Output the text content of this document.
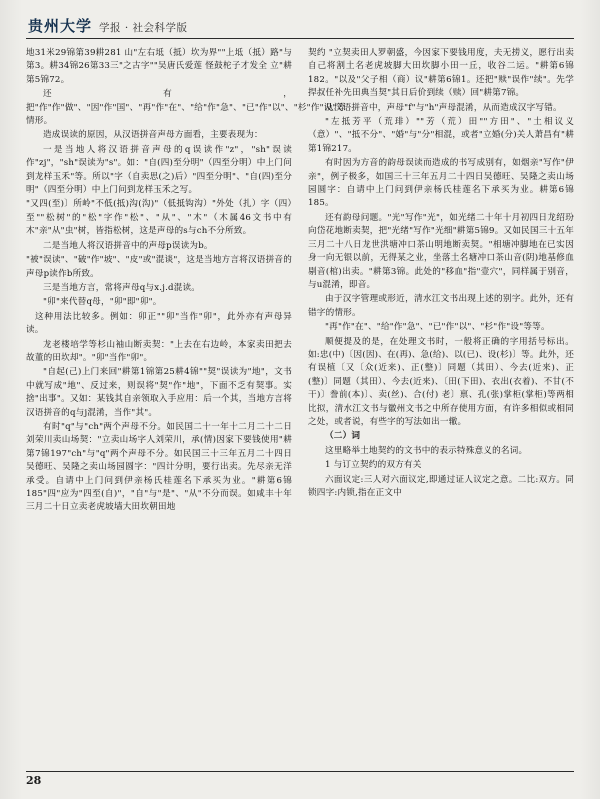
贵州大学 学报 · 社会科学版

地31米29锦第39耕281 山"左右坻（抵）坎为界""上坻（抵）路"与第3。耕34锦26第33三"之古字""吴唐氏爱莲 怪鼓柁子才发全 立"耕第5锦72。

还有，把"作"作"做"、"因"作"国"、"再"作"在"、"给"作"急"、"已"作"以"、"杉"作"设"等情形。

造成误读的原因，从汉语拼音声母方面看，主要表现为：

一是当地人将汉语拼音声母的q误读作"z"，"sh"误读作"zj"，"sh"误读为"s"。如："自(四)至分明"（四至分明）中上门问到龙样玉禾"等。所以"字（自卖思(之)后）"四至分明"、"自(四)至分明"（四至分明）中上门问到龙样玉禾之写。

"又四(至)〕所岭"不低(抵)沟(沟)"（低抵钩沟）"外处（扎）字（四）至""松树"的"松"字作"松"、"从"、"木"（木属46文书中有木"亲"从"虫"树，皆指松树，这是声母的s与ch不分所致。

二是当地人将汉语拼音中的声母p误读为b。

"被"误读"、"破"作"坡"、"皮"或"混谈"，这是当地方言将汉语拼音的声母p读作b所致。

三是当地方言，常将声母q与x.j.d混读。

"卯"来代替q母，"卯"即"卯"。

这种用法比较多。例如：卯正""卯"当作"卯"，此外亦有声母异读。

龙老楼培学等杉山袖山断卖契："上去在右边岭，本家卖田把去故董的田坎却"。"卯"当作"卯"。

"自起(己)上门来回"耕第1锦第25耕4锦""契"误读为"地"，文书中就写成"地"、反过来，则误将"契"作"地"，下面不乏有契事。实捨"出事"。又如：某钱其自亲领取入手应用：后一个其，当地方言将汉语拼音的q与j混淆，当作"其"。

有时"q"与"ch"两个声母不分。如民国二十一年十二月二十二日刘荣川卖山场契："立卖山场字人刘荣川，承(情)因家下要钱使用"耕第7锦197"ch"与"q"两个声母不分。如民国三十三年五月二十四日吴德旺、吴隆之卖山场园圆字："四计分明，要行出卖。先尽亲无洋承受。自请中上门问到伊亲杨氏桂莲名下承买为业。"耕第6锦185"四"应为"四至(自)"，"自"与"是"、"从"不分而误。如咸丰十年三月二十日立卖老虎坡墙大田坎朝田地

契约 "立契卖田人罗朝盛，今因家下要钱用度，夫无捞义，愿行出卖自己将割土名老虎坡脚大田坎脚小田一丘，收谷二运。"耕第6锦182。"以及"父子相（商）议"耕第6锦1。还把"赎"误作"续"。先学捍叔任补先田典当契"其日后价到续（赎）回"耕第7锦。

从汉语拼音中，声母"f"与"h"声母混淆，从而造成汉字写错。

"左抵芳平（荒琲）""芳（荒）田""方田"、"土相议义（意）"、"抵不分"、"婚"与"分"相混，或者"立婚(分)关人萧昌有"耕第1锦217。

有时因为方音的韵母误读而造成的书写成别有，如烟亲"写作"伊亲"，例子极多，如国三十三年五月二十四日吴德旺、吴隆之卖山场园圆字：自请中上门问到伊亲杨氏桂莲名下承买为业。耕第6锦185。

还有韵母问题。"光"写作"光"，如光绪二十年十月初四日龙绍玢向岱花地断卖契，把"光绪"写作"光细"耕第5锦9。又如民国三十五年三月二十八日龙世洪塘冲口茶山明地断卖契。"相塘冲脚地在已实因身一向无银以前，无得某之业，坐落土名塘冲口茶山音(阴)地基修血剔音(棺)出卖。"耕第3锦。此处的"移血"指"壹穴"，同样属于别音，与u混淆，即音。

由于汉字管理或形近，清水江文书出现上述的别字。此外，还有错字的情形。

"再"作"在"、"给"作"急"、"已"作"以"、"杉"作"设"等等。

顺便提及的是，在处理文书时，一般将正确的字用括号标出。如:忠(中)〔因(因)、在(再)、急(给)、以(已)、设(杉)〕等。此外，还有误植〔又〔众(近来)、正(整)〕同题（其田）、今去(近来)、正(整)〕同题（其田）、今去(近来)、〔田(下田)、衣出(衣着)、不甘(不干)〕誊前(本)〕、卖(丝)、合(付) 老〕禀、孔(张)掌柜(掌柜)等两相比拟，清水江文书与徽州文书之中所存使用方面，有许多相似或相同之处，或者说，有些字的写法如出一辙。

（二）词

这里略举土地契约的文书中的表示特殊意义的名词。

1 与订立契约的双方有关

六面议定:三人对六面议定,即通过证人议定之意。二比:双方。同锁四字:内锁,指在正文中

28
